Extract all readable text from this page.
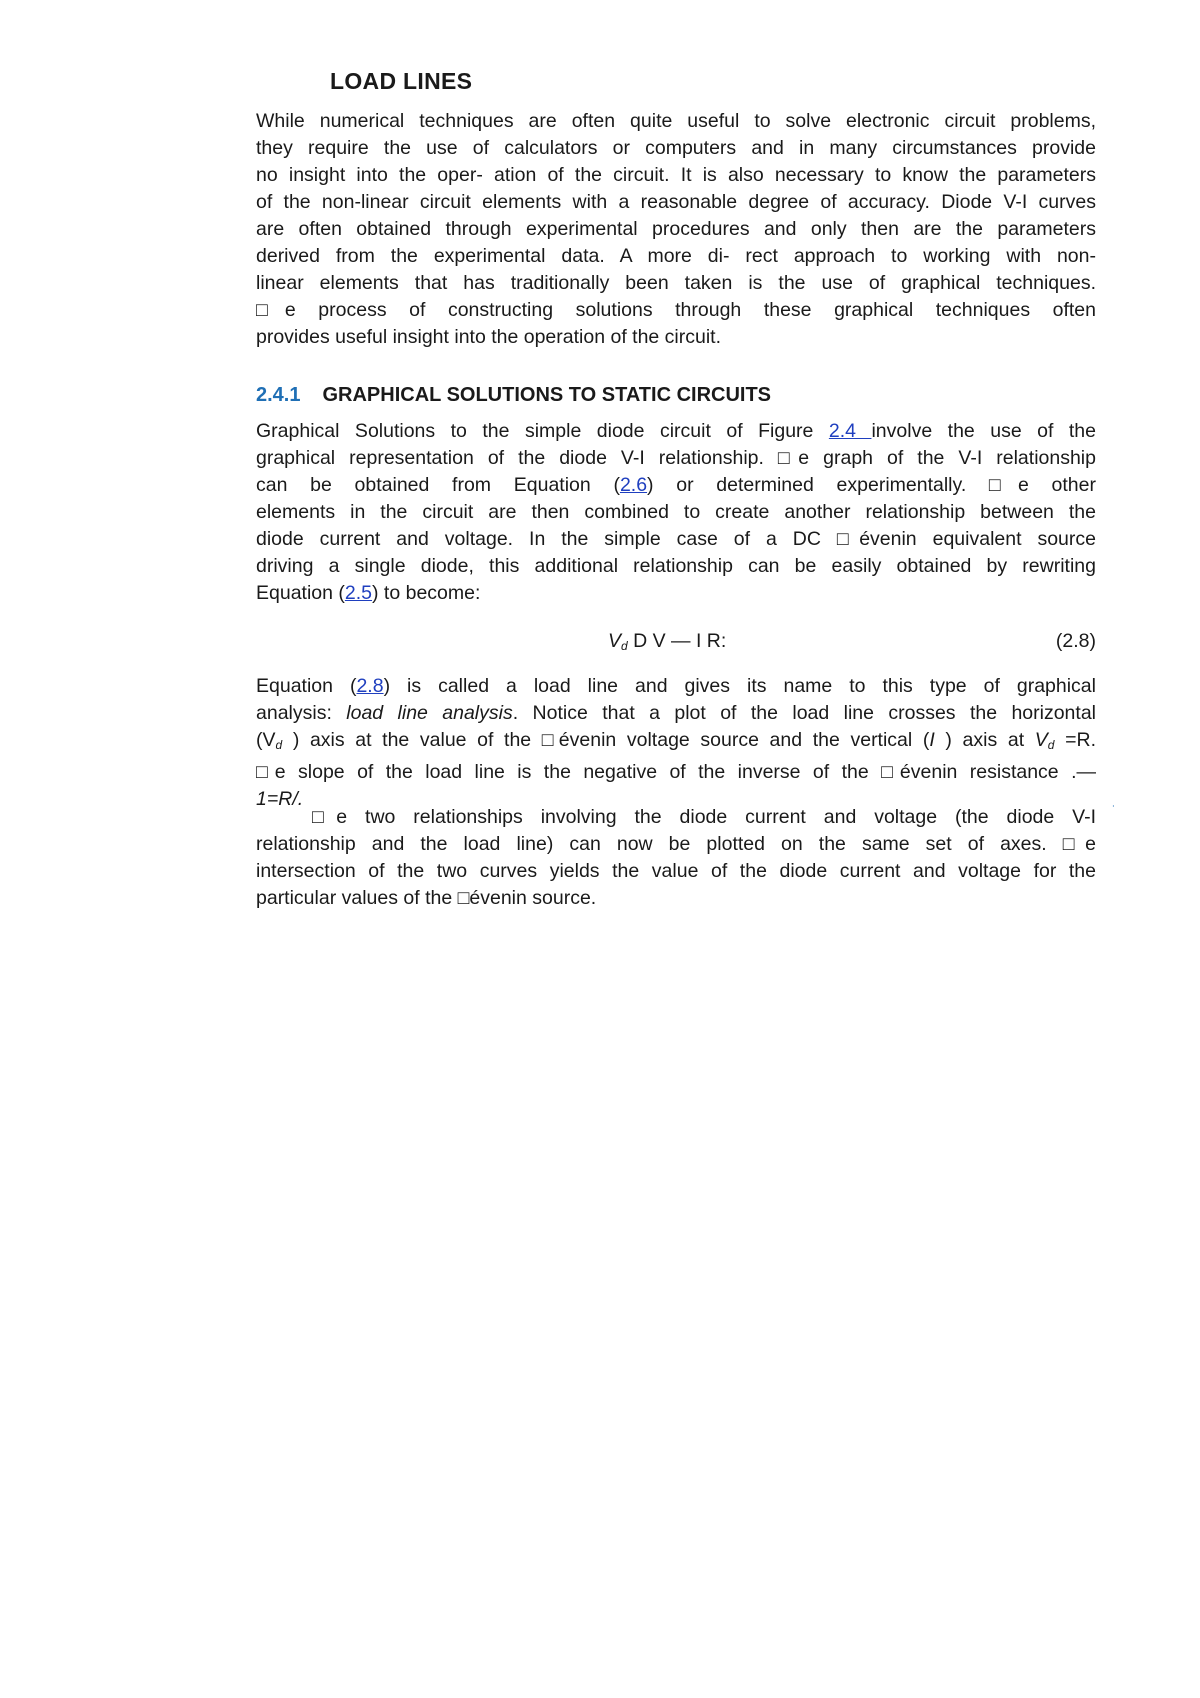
LOAD LINES
While numerical techniques are often quite useful to solve electronic circuit problems,
they require the use of calculators or computers and in many circumstances provide
no insight into the oper- ation of the circuit. It is also necessary to know the parameters
of the non-linear circuit elements with a reasonable degree of accuracy. Diode V-I curves
are often obtained through experimental procedures and only then are the parameters
derived from the experimental data. A more di- rect approach to working with non-
linear elements that has traditionally been taken is the use of graphical techniques.
□e process of constructing solutions through these graphical techniques often
provides useful insight into the operation of the circuit.
2.4.1 GRAPHICAL SOLUTIONS TO STATIC CIRCUITS
Graphical Solutions to the simple diode circuit of Figure 2.4 involve the use of the
graphical representation of the diode V-I relationship. □e graph of the V-I relationship
can be obtained from Equation (2.6) or determined experimentally. □e other
elements in the circuit are then combined to create another relationship between the
diode current and voltage. In the simple case of a DC □évenin equivalent source
driving a single diode, this additional relationship can be easily obtained by rewriting
Equation (2.5) to become:
$V_d$ D V — I R:	(2.8)
Equation (2.8) is called a load line and gives its name to this type of graphical
analysis: load line analysis. Notice that a plot of the load line crosses the horizontal
($V_d$ ) axis at the value of the □évenin voltage source and the vertical (I ) axis at $V_d =R$.
□e slope of the load line is the negative of the inverse of the □évenin resistance .—
1=R/.
□e two relationships involving the diode current and voltage (the diode V-I
relationship and the load line) can now be plotted on the same set of axes. □e
intersection of the two curves yields the value of the diode current and voltage for the
particular values of the □évenin source.
˙
